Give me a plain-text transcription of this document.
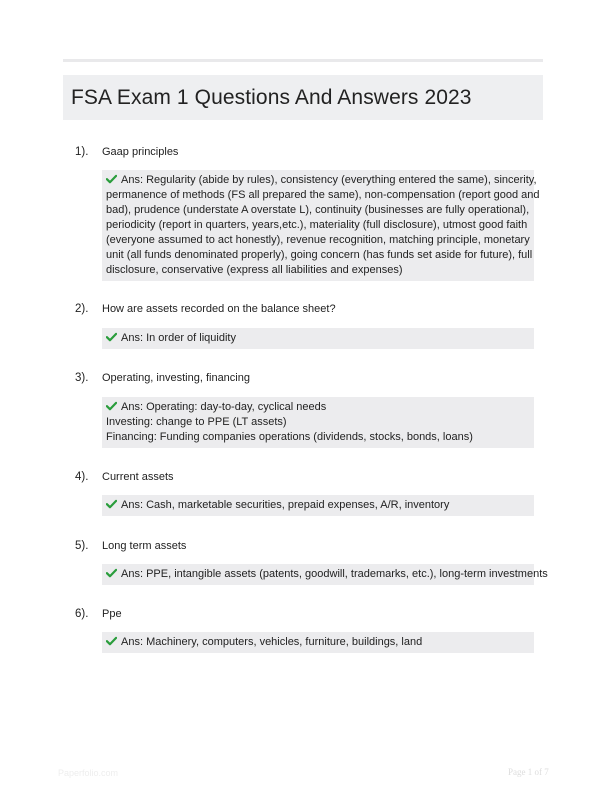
FSA Exam 1 Questions And Answers 2023
1). Gaap principles
Ans: Regularity (abide by rules), consistency (everything entered the same), sincerity,
permanence of methods (FS all prepared the same), non-compensation (report good and
bad), prudence (understate A overstate L), continuity (businesses are fully operational),
periodicity (report in quarters, years,etc.), materiality (full disclosure), utmost good faith
(everyone assumed to act honestly), revenue recognition, matching principle, monetary
unit (all funds denominated properly), going concern (has funds set aside for future), full
disclosure, conservative (express all liabilities and expenses)
2). How are assets recorded on the balance sheet?
Ans: In order of liquidity
3). Operating, investing, financing
Ans: Operating: day-to-day, cyclical needs
Investing: change to PPE (LT assets)
Financing: Funding companies operations (dividends, stocks, bonds, loans)
4). Current assets
Ans: Cash, marketable securities, prepaid expenses, A/R, inventory
5). Long term assets
Ans: PPE, intangible assets (patents, goodwill, trademarks, etc.), long-term investments
6). Ppe
Ans: Machinery, computers, vehicles, furniture, buildings, land
Paperfolio.com	Page 1 of 7
